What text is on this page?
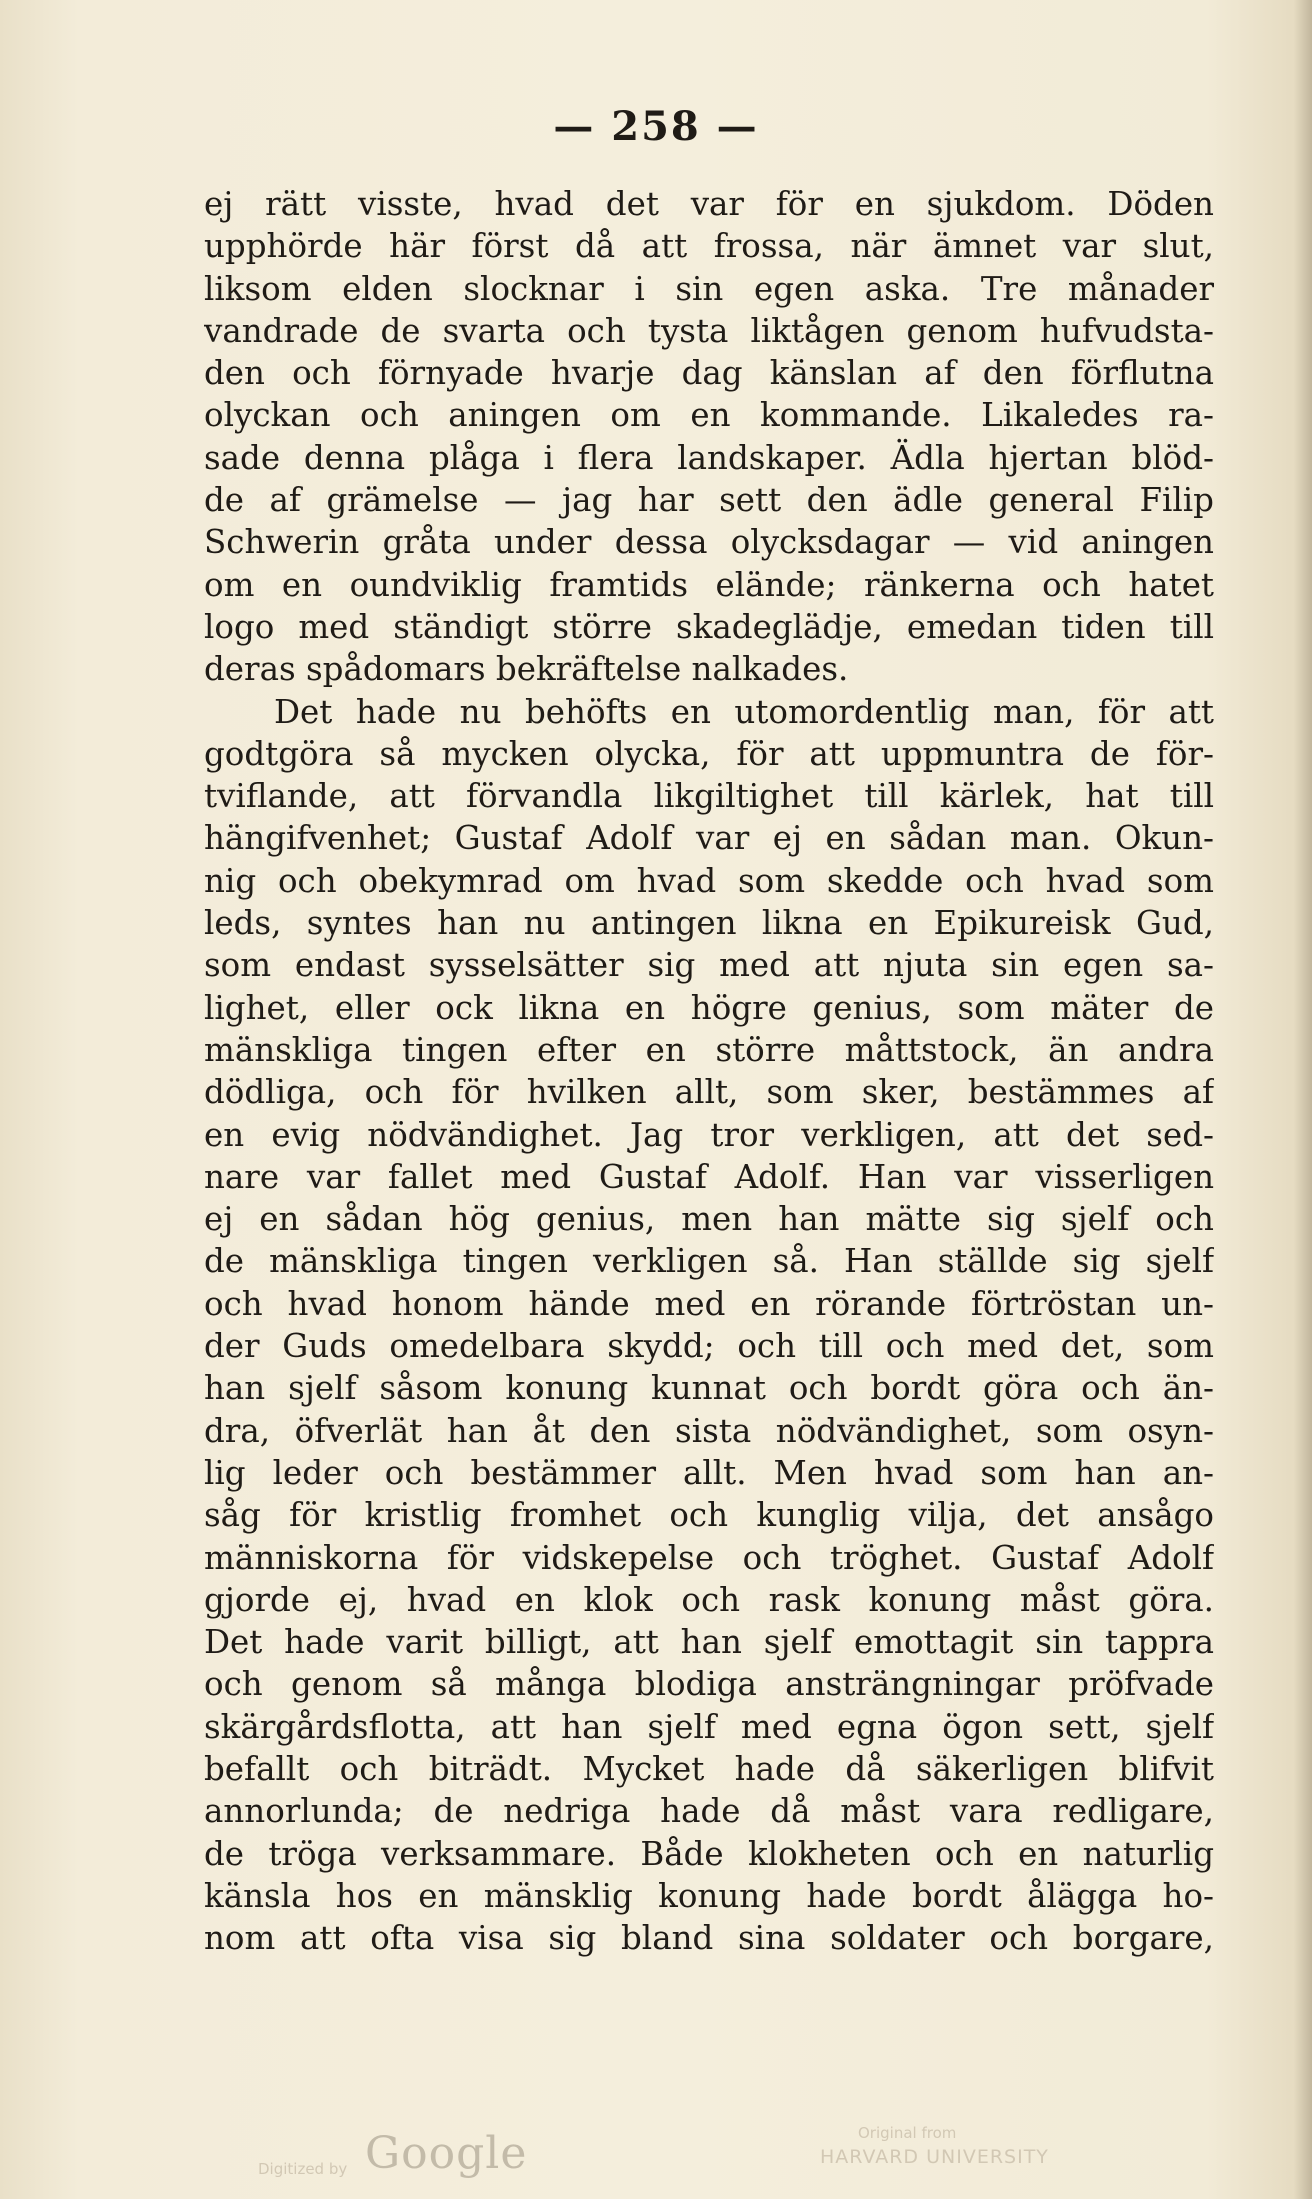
— 258 —
ej rätt visste, hvad det var för en sjukdom. Döden
upphörde här först då att frossa, när ämnet var slut,
liksom elden slocknar i sin egen aska. Tre månader
vandrade de svarta och tysta liktågen genom hufvudsta-
den och förnyade hvarje dag känslan af den förflutna
olyckan och aningen om en kommande. Likaledes ra-
sade denna plåga i flera landskaper. Ädla hjertan blöd-
de af grämelse — jag har sett den ädle general Filip
Schwerin gråta under dessa olycksdagar — vid aningen
om en oundviklig framtids elände; ränkerna och hatet
logo med ständigt större skadeglädje, emedan tiden till
deras spådomars bekräftelse nalkades.
Det hade nu behöfts en utomordentlig man, för att
godtgöra så mycken olycka, för att uppmuntra de för-
tviflande, att förvandla likgiltighet till kärlek, hat till
hängifvenhet; Gustaf Adolf var ej en sådan man. Okun-
nig och obekymrad om hvad som skedde och hvad som
leds, syntes han nu antingen likna en Epikureisk Gud,
som endast sysselsätter sig med att njuta sin egen sa-
lighet, eller ock likna en högre genius, som mäter de
mänskliga tingen efter en större måttstock, än andra
dödliga, och för hvilken allt, som sker, bestämmes af
en evig nödvändighet. Jag tror verkligen, att det sed-
nare var fallet med Gustaf Adolf. Han var visserligen
ej en sådan hög genius, men han mätte sig sjelf och
de mänskliga tingen verkligen så. Han ställde sig sjelf
och hvad honom hände med en rörande förtröstan un-
der Guds omedelbara skydd; och till och med det, som
han sjelf såsom konung kunnat och bordt göra och än-
dra, öfverlät han åt den sista nödvändighet, som osyn-
lig leder och bestämmer allt. Men hvad som han an-
såg för kristlig fromhet och kunglig vilja, det ansågo
människorna för vidskepelse och tröghet. Gustaf Adolf
gjorde ej, hvad en klok och rask konung måst göra.
Det hade varit billigt, att han sjelf emottagit sin tappra
och genom så många blodiga ansträngningar pröfvade
skärgårdsflotta, att han sjelf med egna ögon sett, sjelf
befallt och biträdt. Mycket hade då säkerligen blifvit
annorlunda; de nedriga hade då måst vara redligare,
de tröga verksammare. Både klokheten och en naturlig
känsla hos en mänsklig konung hade bordt ålägga ho-
nom att ofta visa sig bland sina soldater och borgare,
Digitized by Google	Original from
HARVARD UNIVERSITY
